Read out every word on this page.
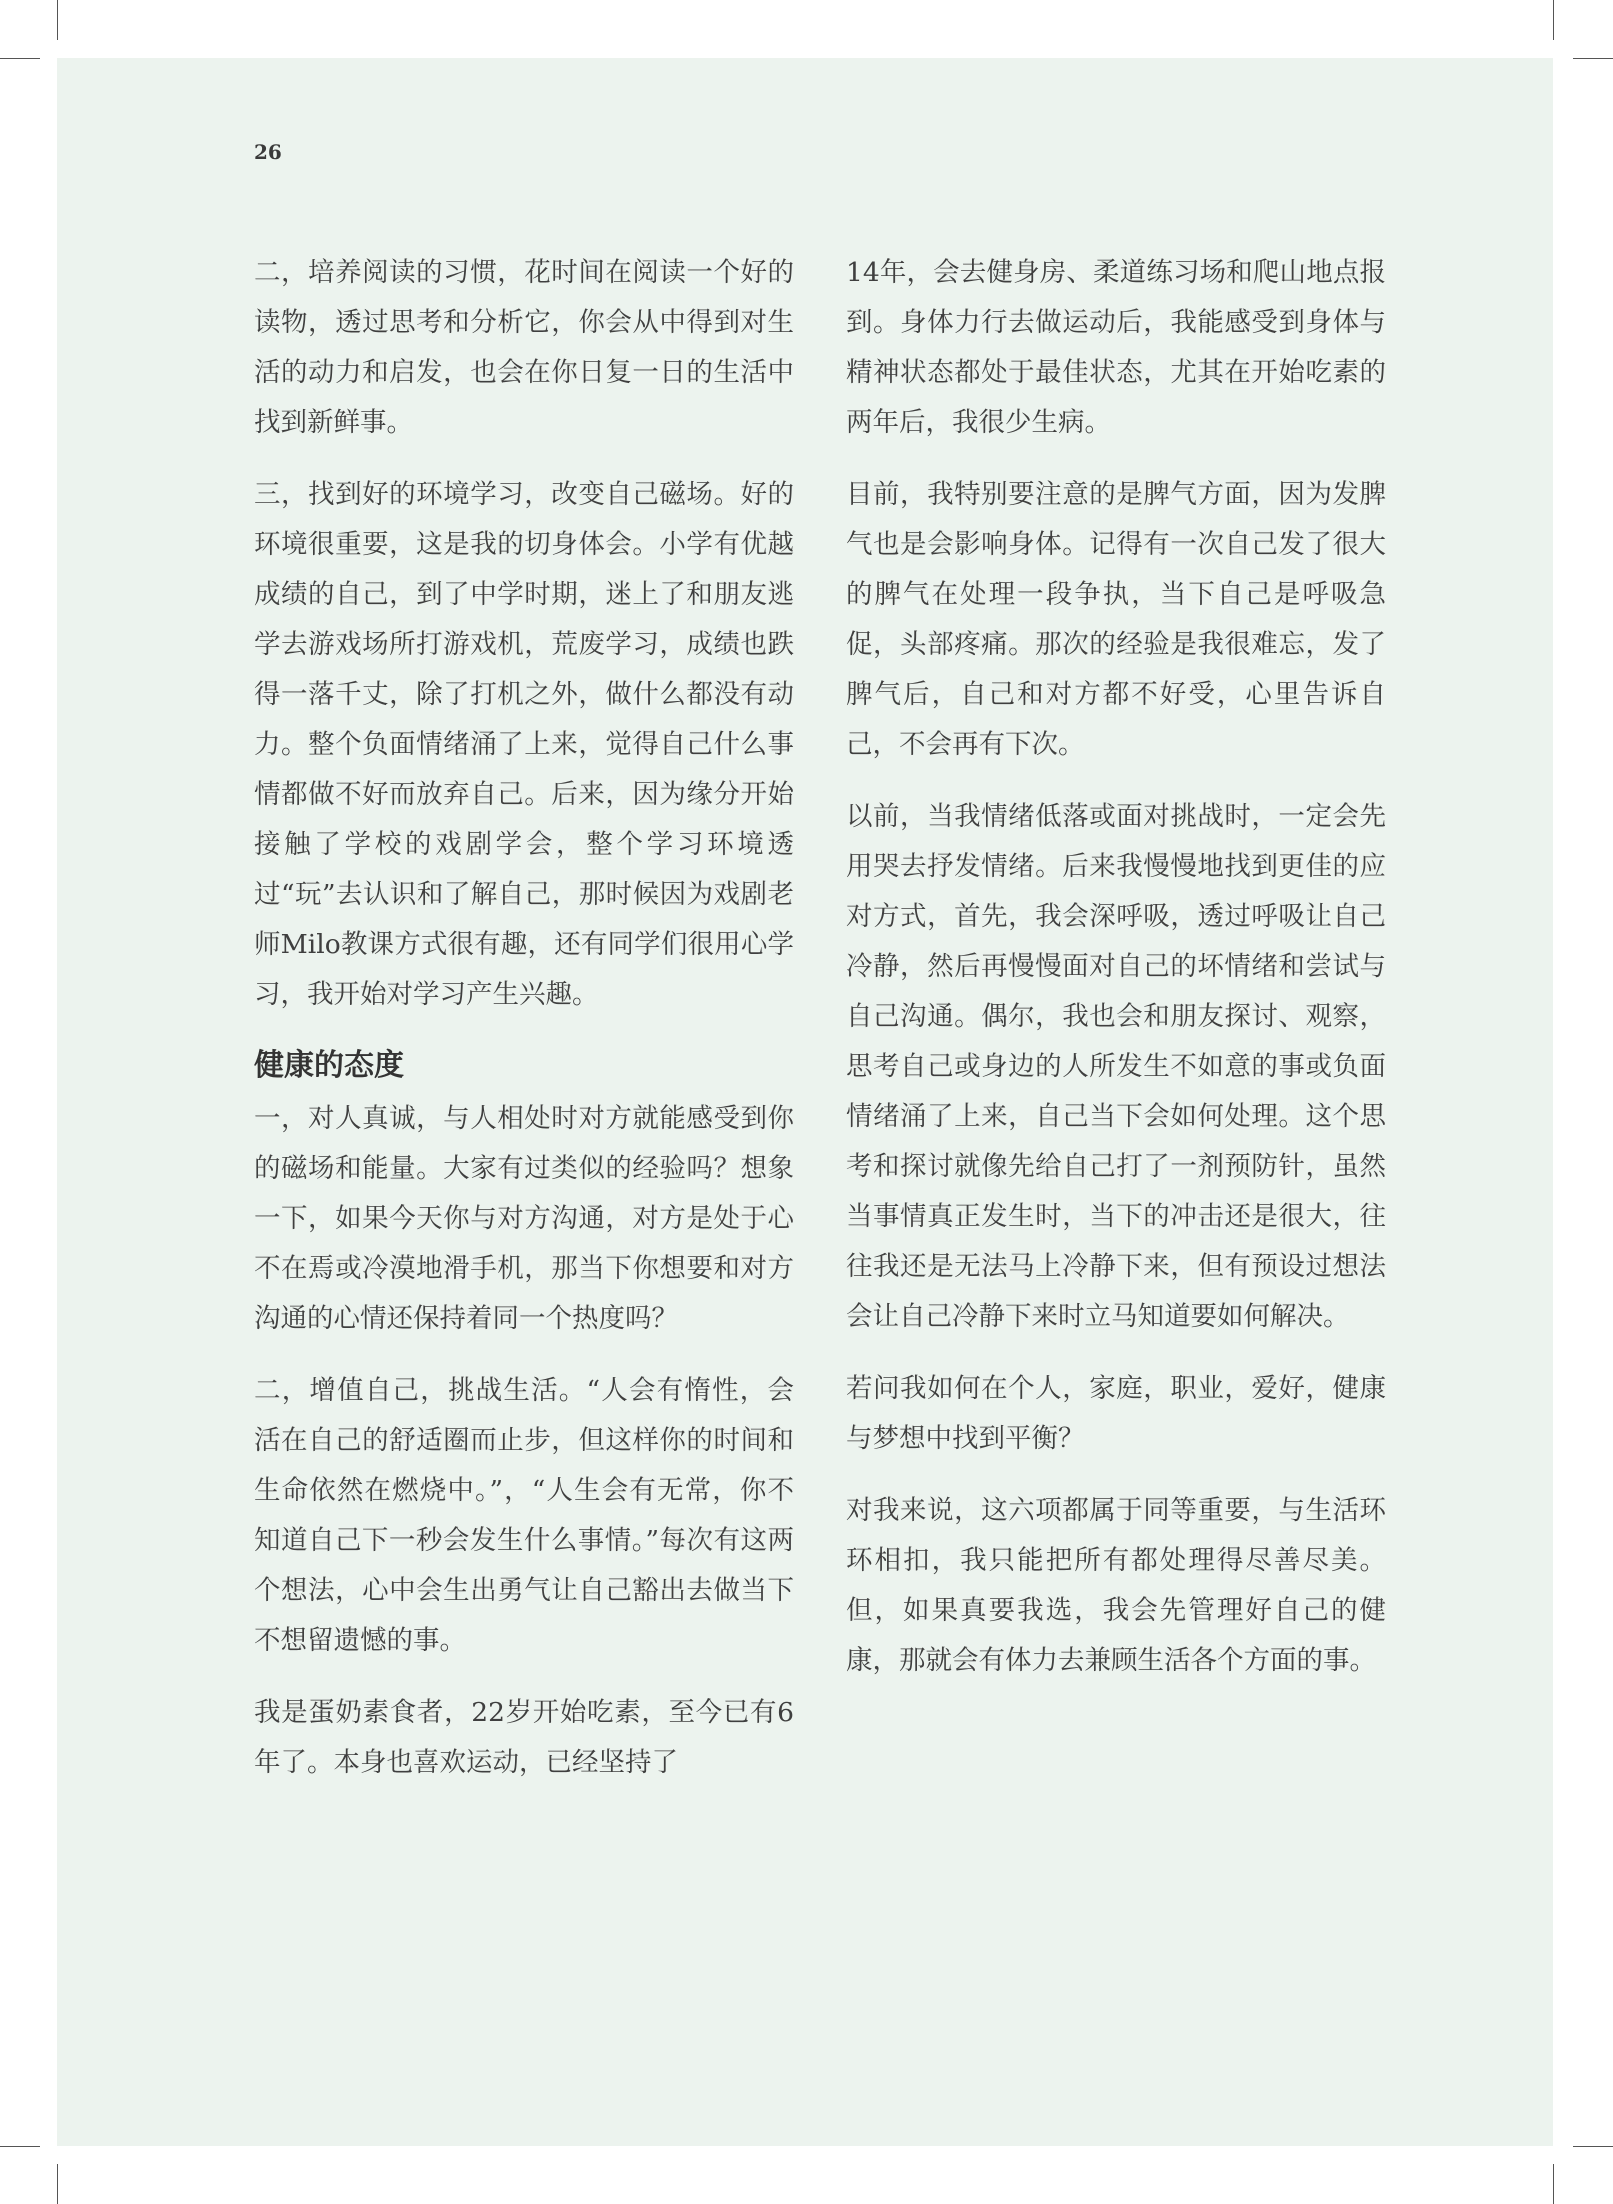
26

二，培养阅读的习惯，花时间在阅读一个好的读物，透过思考和分析它，你会从中得到对生活的动力和启发，也会在你日复一日的生活中找到新鲜事。

三，找到好的环境学习，改变自己磁场。好的环境很重要，这是我的切身体会。小学有优越成绩的自己，到了中学时期，迷上了和朋友逃学去游戏场所打游戏机，荒废学习，成绩也跌得一落千丈，除了打机之外，做什么都没有动力。整个负面情绪涌了上来，觉得自己什么事情都做不好而放弃自己。后来，因为缘分开始接触了学校的戏剧学会，整个学习环境透过“玩”去认识和了解自己，那时候因为戏剧老师Milo教课方式很有趣，还有同学们很用心学习，我开始对学习产生兴趣。

健康的态度

一，对人真诚，与人相处时对方就能感受到你的磁场和能量。大家有过类似的经验吗？想象一下，如果今天你与对方沟通，对方是处于心不在焉或冷漠地滑手机，那当下你想要和对方沟通的心情还保持着同一个热度吗？

二，增值自己，挑战生活。“人会有惰性，会活在自己的舒适圈而止步，但这样你的时间和生命依然在燃烧中。”，“人生会有无常，你不知道自己下一秒会发生什么事情。”每次有这两个想法，心中会生出勇气让自己豁出去做当下不想留遗憾的事。

我是蛋奶素食者，22岁开始吃素，至今已有6年了。本身也喜欢运动，已经坚持了

14年，会去健身房、柔道练习场和爬山地点报到。身体力行去做运动后，我能感受到身体与精神状态都处于最佳状态，尤其在开始吃素的两年后，我很少生病。

目前，我特别要注意的是脾气方面，因为发脾气也是会影响身体。记得有一次自己发了很大的脾气在处理一段争执，当下自己是呼吸急促，头部疼痛。那次的经验是我很难忘，发了脾气后，自己和对方都不好受，心里告诉自己，不会再有下次。

以前，当我情绪低落或面对挑战时，一定会先用哭去抒发情绪。后来我慢慢地找到更佳的应对方式，首先，我会深呼吸，透过呼吸让自己冷静，然后再慢慢面对自己的坏情绪和尝试与自己沟通。偶尔，我也会和朋友探讨、观察，思考自己或身边的人所发生不如意的事或负面情绪涌了上来，自己当下会如何处理。这个思考和探讨就像先给自己打了一剂预防针，虽然当事情真正发生时，当下的冲击还是很大，往往我还是无法马上冷静下来，但有预设过想法会让自己冷静下来时立马知道要如何解决。

若问我如何在个人，家庭，职业，爱好，健康与梦想中找到平衡？

对我来说，这六项都属于同等重要，与生活环环相扣，我只能把所有都处理得尽善尽美。但，如果真要我选，我会先管理好自己的健康，那就会有体力去兼顾生活各个方面的事。
